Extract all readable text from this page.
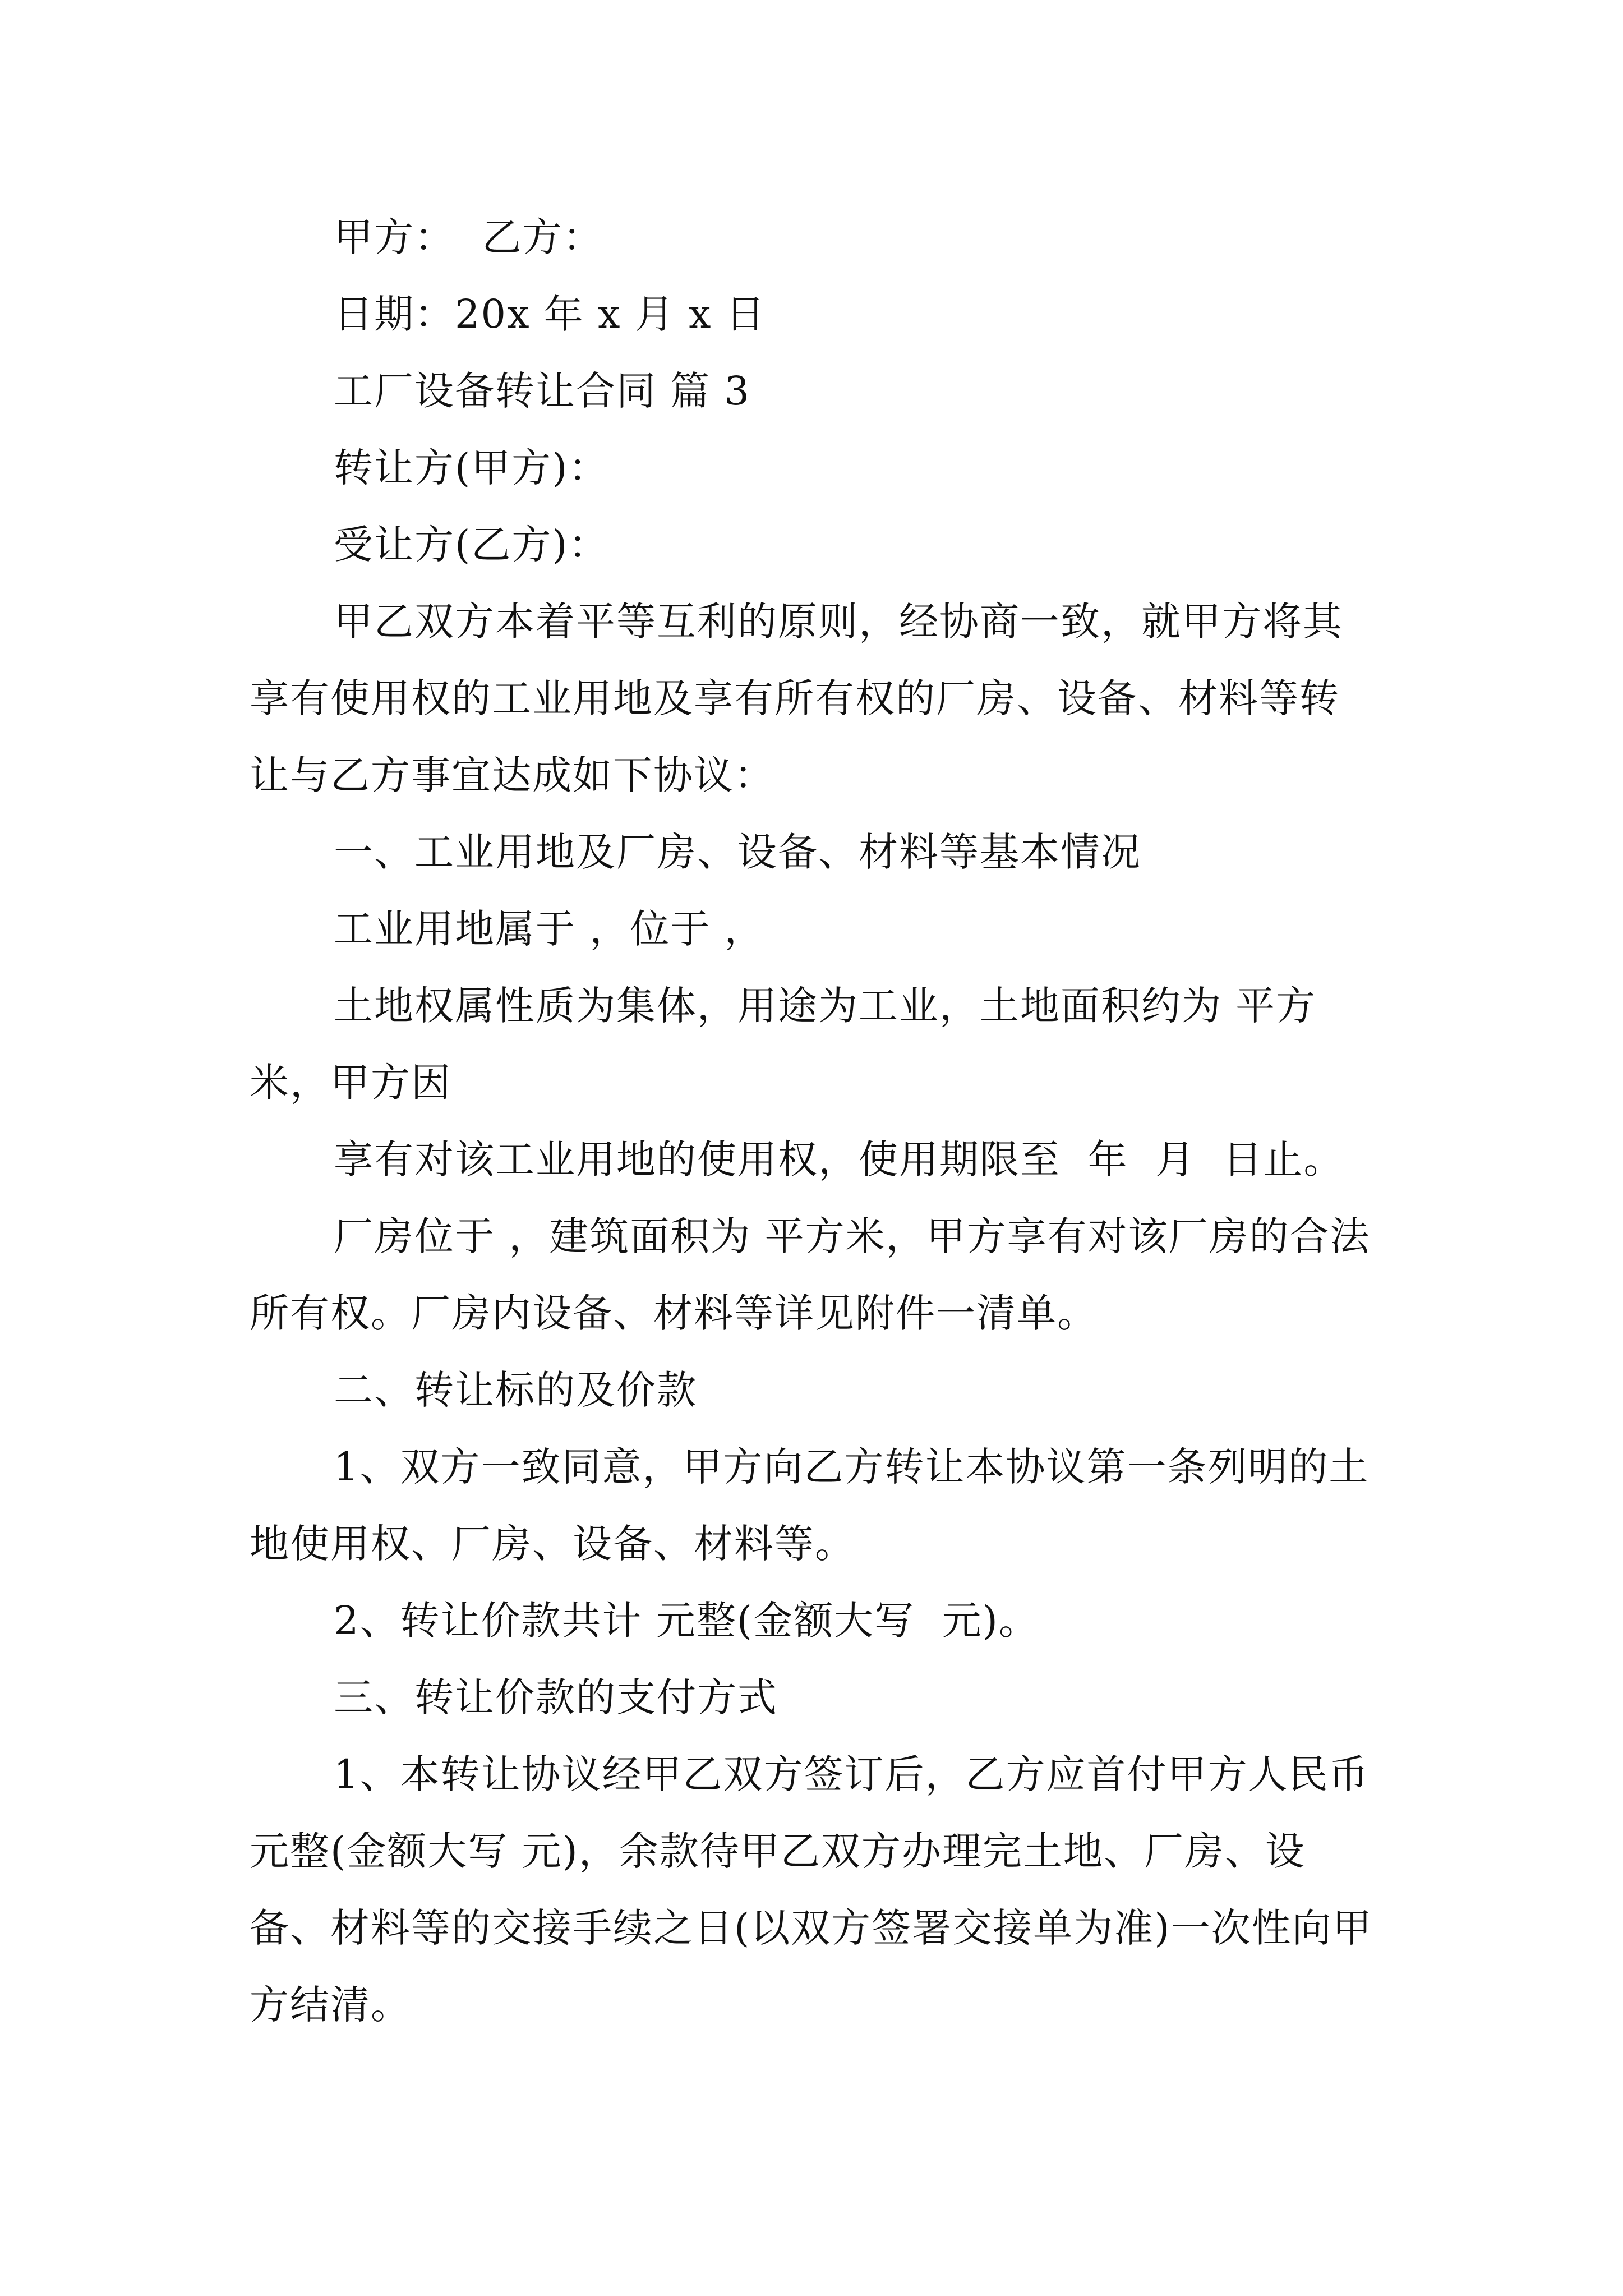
甲方：  乙方：

日期：20x 年 x 月 x 日

工厂设备转让合同 篇 3

转让方(甲方)：

受让方(乙方)：

甲乙双方本着平等互利的原则，经协商一致，就甲方将其享有使用权的工业用地及享有所有权的厂房、设备、材料等转让与乙方事宜达成如下协议：

一、工业用地及厂房、设备、材料等基本情况

工业用地属于 ，位于 ，

土地权属性质为集体，用途为工业，土地面积约为 平方米，甲方因

享有对该工业用地的使用权，使用期限至  年  月  日止。

厂房位于 ，建筑面积为 平方米，甲方享有对该厂房的合法所有权。厂房内设备、材料等详见附件一清单。

二、转让标的及价款

1、双方一致同意，甲方向乙方转让本协议第一条列明的土地使用权、厂房、设备、材料等。

2、转让价款共计 元整(金额大写  元)。

三、转让价款的支付方式

1、本转让协议经甲乙双方签订后，乙方应首付甲方人民币 元整(金额大写 元)，余款待甲乙双方办理完土地、厂房、设备、材料等的交接手续之日(以双方签署交接单为准)一次性向甲方结清。
